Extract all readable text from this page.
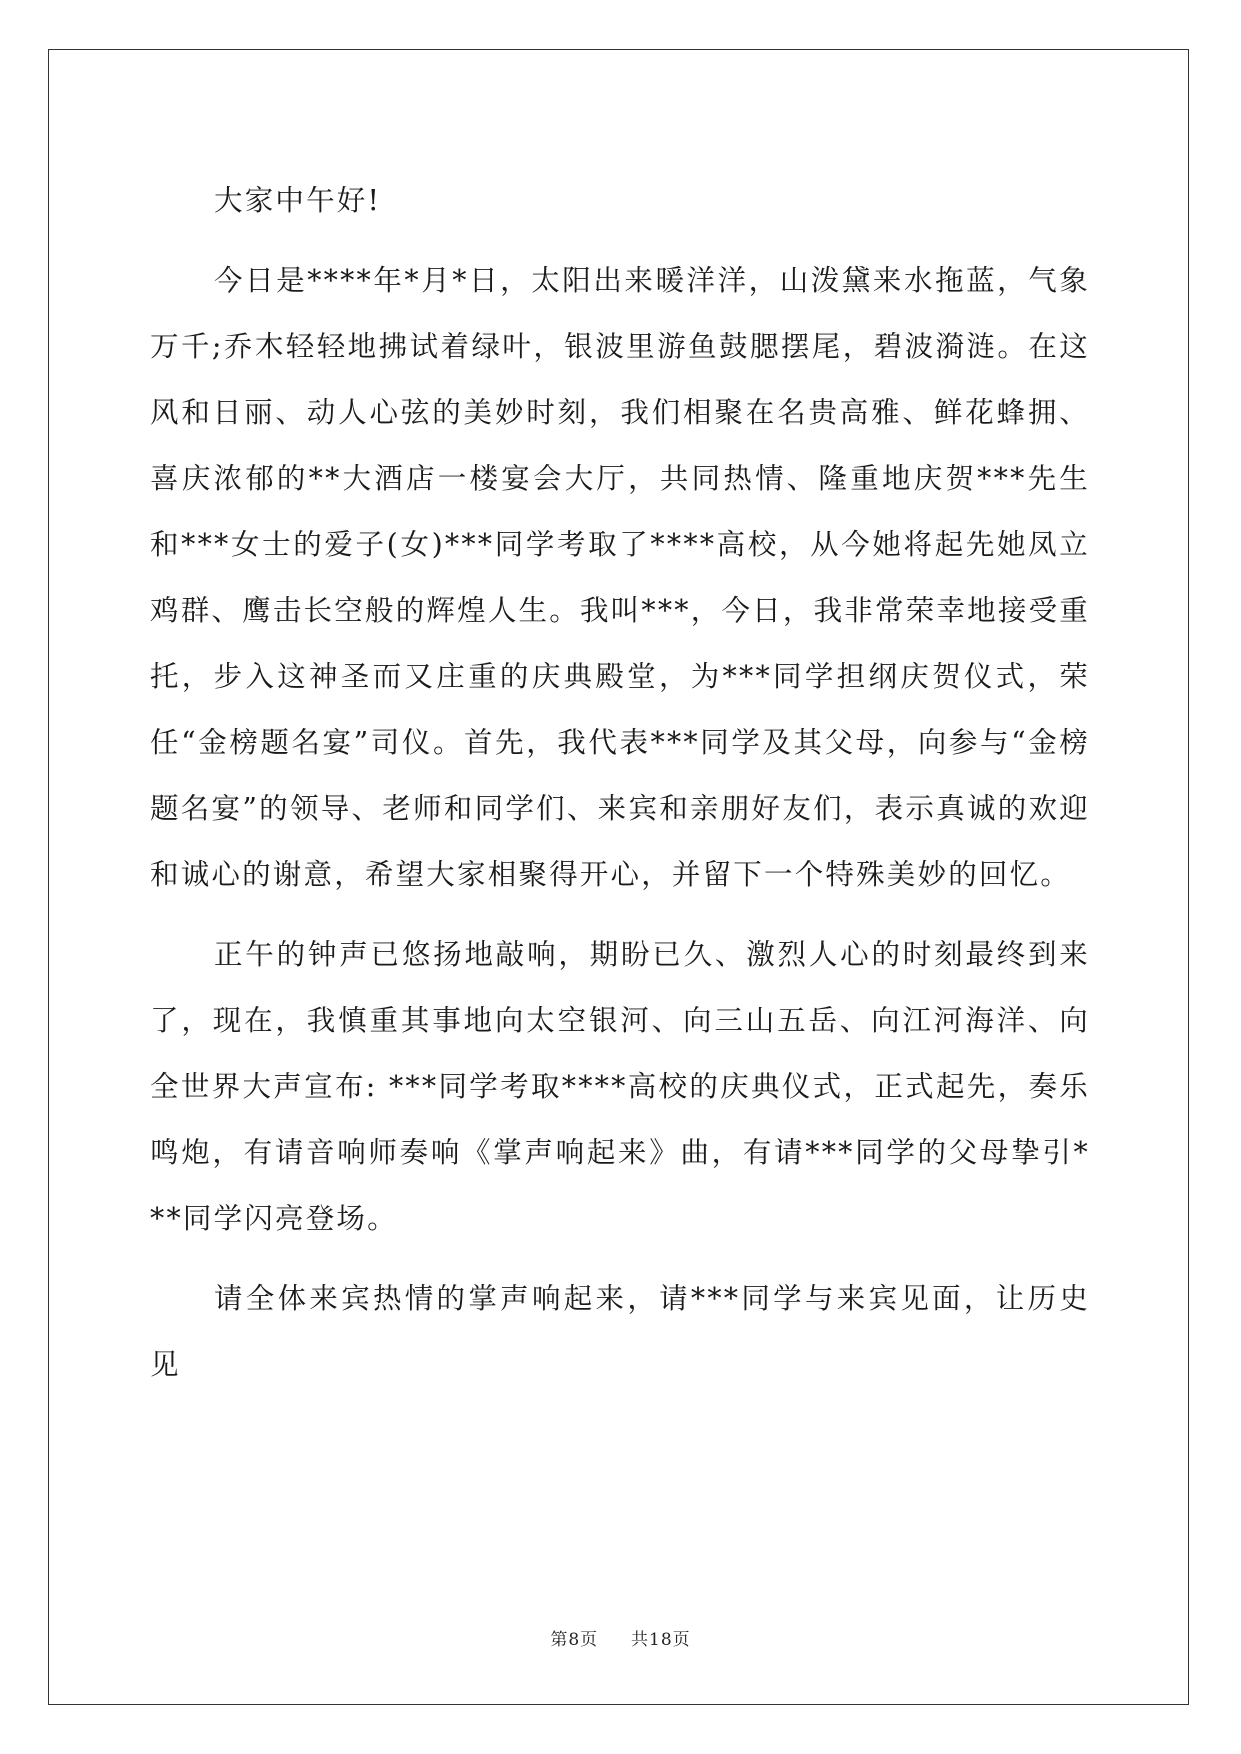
大家中午好!

今日是****年*月*日，太阳出来暖洋洋，山泼黛来水拖蓝，气象万千;乔木轻轻地拂试着绿叶，银波里游鱼鼓腮摆尾，碧波漪涟。在这风和日丽、动人心弦的美妙时刻，我们相聚在名贵高雅、鲜花蜂拥、喜庆浓郁的**大酒店一楼宴会大厅，共同热情、隆重地庆贺***先生和***女士的爱子(女)***同学考取了****高校，从今她将起先她凤立鸡群、鹰击长空般的辉煌人生。我叫***，今日，我非常荣幸地接受重托，步入这神圣而又庄重的庆典殿堂，为***同学担纲庆贺仪式，荣任“金榜题名宴”司仪。首先，我代表***同学及其父母，向参与“金榜题名宴”的领导、老师和同学们、来宾和亲朋好友们，表示真诚的欢迎和诚心的谢意，希望大家相聚得开心，并留下一个特殊美妙的回忆。

正午的钟声已悠扬地敲响，期盼已久、激烈人心的时刻最终到来了，现在，我慎重其事地向太空银河、向三山五岳、向江河海洋、向全世界大声宣布: ***同学考取****高校的庆典仪式，正式起先，奏乐鸣炮，有请音响师奏响《掌声响起来》曲，有请***同学的父母挚引***同学闪亮登场。

请全体来宾热情的掌声响起来，请***同学与来宾见面，让历史见

第8页 共18页
